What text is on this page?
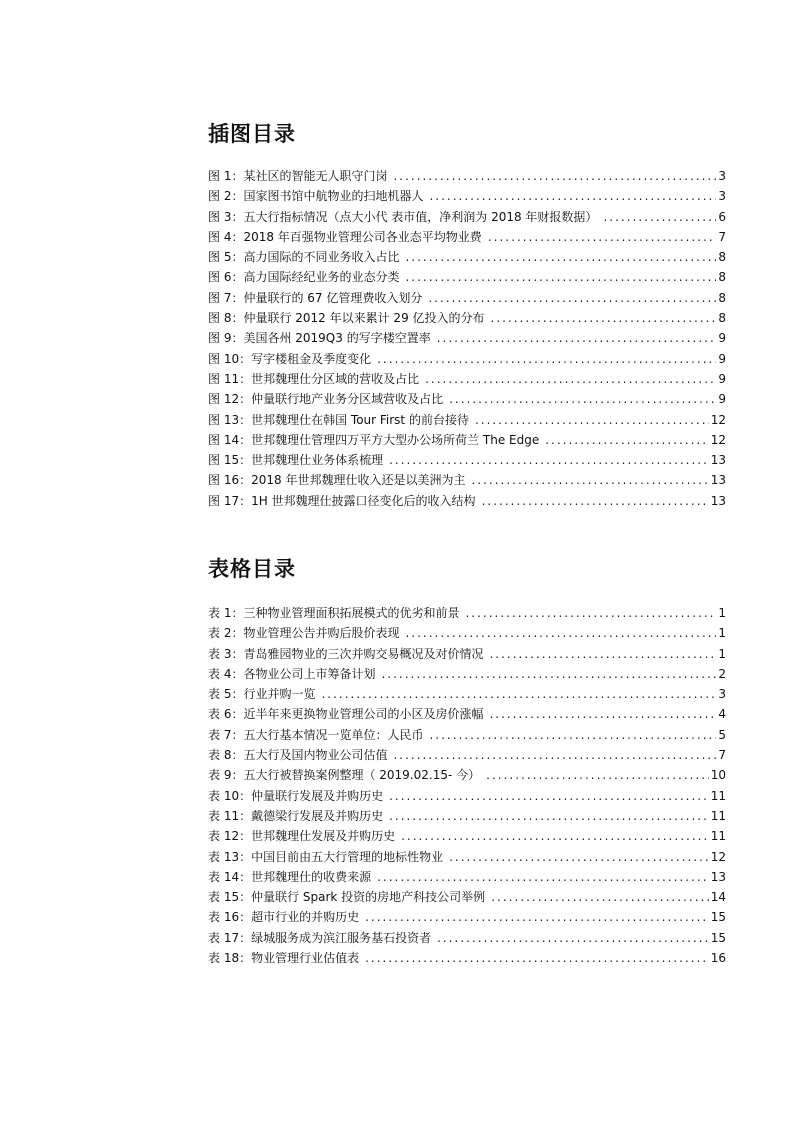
插图目录
图 1：某社区的智能无人职守门岗 .....	3
图 2：国家图书馆中航物业的扫地机器人 .....	3
图 3：五大行指标情况（点大小代 表市值，净利润为 2018 年财报数据） .....	6
图 4：2018 年百强物业管理公司各业态平均物业费 .....	7
图 5：高力国际的不同业务收入占比 .....	8
图 6：高力国际经纪业务的业态分类 .....	8
图 7：仲量联行的 67 亿管理费收入划分 .....	8
图 8：仲量联行 2012 年以来累计 29 亿投入的分布 .....	8
图 9：美国各州 2019Q3 的写字楼空置率 .....	9
图 10：写字楼租金及季度变化 .....	9
图 11：世邦魏理仕分区域的营收及占比 .....	9
图 12：仲量联行地产业务分区域营收及占比 .....	9
图 13：世邦魏理仕在韩国 Tour First 的前台接待 .....	12
图 14：世邦魏理仕管理四万平方大型办公场所荷兰 The Edge .....	12
图 15：世邦魏理仕业务体系梳理 .....	13
图 16：2018 年世邦魏理仕收入还是以美洲为主 .....	13
图 17：1H 世邦魏理仕披露口径变化后的收入结构 .....	13
表格目录
表 1：三种物业管理面积拓展模式的优劣和前景 .....	1
表 2：物业管理公告并购后股价表现 .....	1
表 3：青岛雅园物业的三次并购交易概况及对价情况 .....	1
表 4：各物业公司上市筹备计划 .....	2
表 5：行业并购一览 .....	3
表 6：近半年来更换物业管理公司的小区及房价涨幅 .....	4
表 7：五大行基本情况一览单位：人民币 .....	5
表 8：五大行及国内物业公司估值 .....	7
表 9：五大行被替换案例整理（ 2019.02.15- 今） .....	10
表 10：仲量联行发展及并购历史 .....	11
表 11：戴德梁行发展及并购历史 .....	11
表 12：世邦魏理仕发展及并购历史 .....	11
表 13：中国目前由五大行管理的地标性物业 .....	12
表 14：世邦魏理仕的收费来源 .....	13
表 15：仲量联行 Spark 投资的房地产科技公司举例 .....	14
表 16：超市行业的并购历史 .....	15
表 17：绿城服务成为滨江服务基石投资者 .....	15
表 18：物业管理行业估值表 .....	16
